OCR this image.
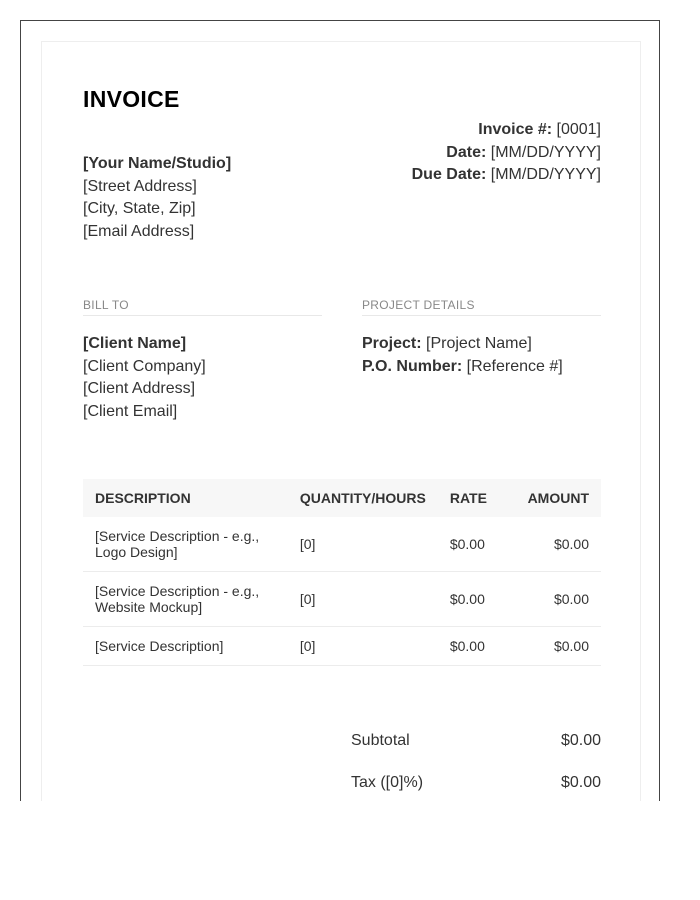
INVOICE
[Your Name/Studio]
[Street Address]
[City, State, Zip]
[Email Address]
Invoice #: [0001]
Date: [MM/DD/YYYY]
Due Date: [MM/DD/YYYY]
BILL TO
[Client Name]
[Client Company]
[Client Address]
[Client Email]
PROJECT DETAILS
Project: [Project Name]
P.O. Number: [Reference #]
DESCRIPTION	QUANTITY/HOURS	RATE	AMOUNT
[Service Description - e.g., Logo Design]	[0]	$0.00	$0.00
[Service Description - e.g., Website Mockup]	[0]	$0.00	$0.00
[Service Description]	[0]	$0.00	$0.00
Subtotal	$0.00
Tax ([0]%)	$0.00
